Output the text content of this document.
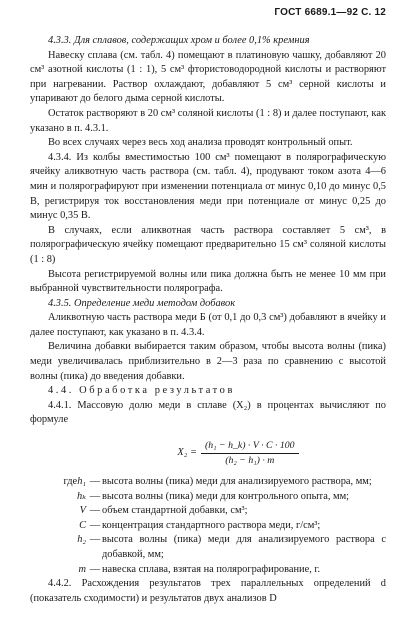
ГОСТ 6689.1—92 С. 12

4.3.3. Для сплавов, содержащих хром и более 0,1% кремния

Навеску сплава (см. табл. 4) помещают в платиновую чашку, добавляют 20 см³ азотной кислоты (1 : 1), 5 см³ фтористоводородной кислоты и растворяют при нагревании. Раствор охлаждают, добавляют 5 см³ серной кислоты и упаривают до белого дыма серной кислоты.

Остаток растворяют в 20 см³ соляной кислоты (1 : 8) и далее поступают, как указано в п. 4.3.1.

Во всех случаях через весь ход анализа проводят контрольный опыт.

4.3.4. Из колбы вместимостью 100 см³ помещают в полярографическую ячейку аликвотную часть раствора (см. табл. 4), продувают током азота 4—6 мин и полярографируют при изменении потенциала от минус 0,10 до минус 0,5 В, регистрируя ток восстановления меди при потенциале от минус 0,25 до минус 0,35 В.

В случаях, если аликвотная часть раствора составляет 5 см³, в полярографическую ячейку помещают предварительно 15 см³ соляной кислоты (1 : 8)

Высота регистрируемой волны или пика должна быть не менее 10 мм при выбранной чувствительности полярографа.

4.3.5. Определение меди методом добавок

Аликвотную часть раствора меди Б (от 0,1 до 0,3 см³) добавляют в ячейку и далее поступают, как указано в п. 4.3.4.

Величина добавки выбирается таким образом, чтобы высота волны (пика) меди увеличивалась приблизительно в 2—3 раза по сравнению с высотой волны (пика) до введения добавки.

4.4. Обработка результатов

4.4.1. Массовую долю меди в сплаве (X₂) в процентах вычисляют по формуле

$X_2 = \frac{\text{(h₁ − h\_k) · V · C · 100}}{\text{(h₂ − h₁) · m}}$
гдеh₁ — высота волны (пика) меди для анализируемого раствора, мм;
hₖ — высота волны (пика) меди для контрольного опыта, мм;
V — объем стандартной добавки, см³;
C — концентрация стандартного раствора меди, г/см³;
h₂ — высота волны (пика) меди для анализируемого раствора с добавкой, мм;
m — навеска сплава, взятая на полярографирование, г.

4.4.2. Расхождения результатов трех параллельных определений d (показатель сходимости) и результатов двух анализов D
